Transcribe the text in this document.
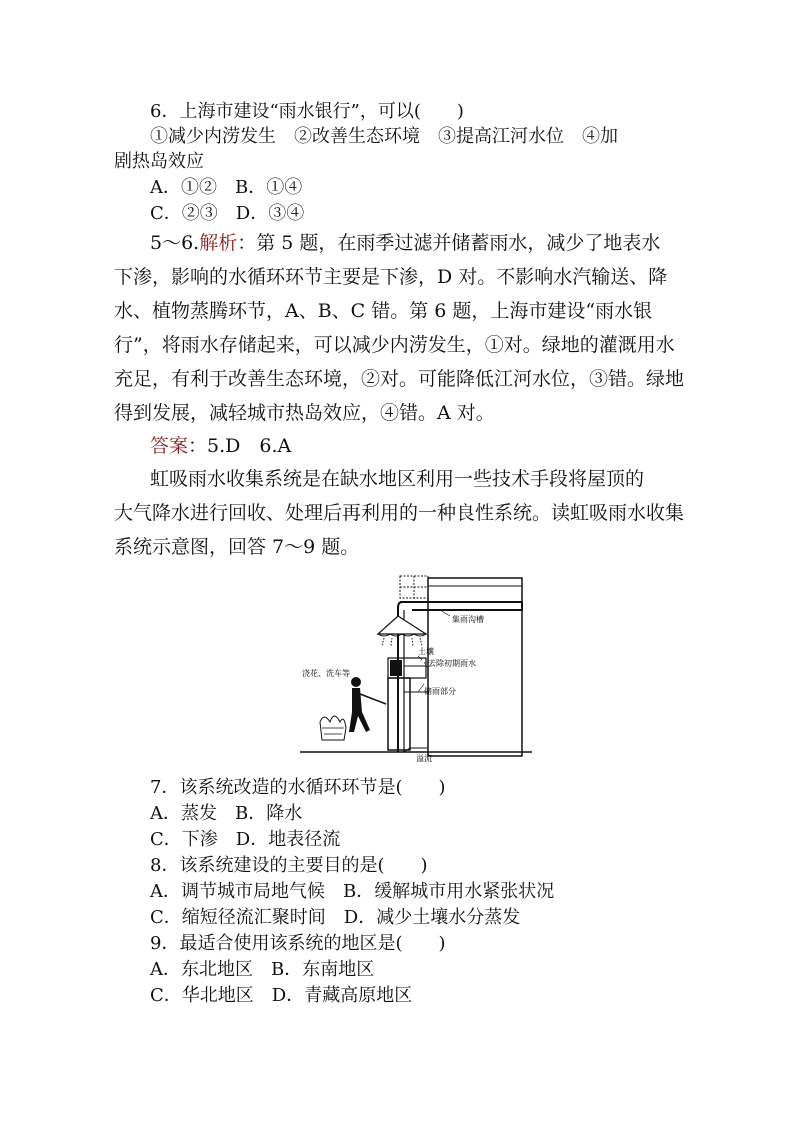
6．上海市建设“雨水银行”，可以(　　)
①减少内涝发生　②改善生态环境　③提高江河水位　④加
剧热岛效应
A．①②　B．①④
C．②③　D．③④
5～6.解析：第 5 题，在雨季过滤并储蓄雨水，减少了地表水
下渗，影响的水循环环节主要是下渗，D 对。不影响水汽输送、降水、植物蒸腾环节，A、B、C 错。第 6 题，上海市建设“雨水银行”，将雨水存储起来，可以减少内涝发生，①对。绿地的灌溉用水充足，有利于改善生态环境，②对。可能降低江河水位，③错。绿地得到发展，减轻城市热岛效应，④错。A 对。
答案：5.D　6.A
虹吸雨水收集系统是在缺水地区利用一些技术手段将屋顶的
大气降水进行回收、处理后再利用的一种良性系统。读虹吸雨水收集系统示意图，回答 7～9 题。
集雨沟槽
土壤
去除初期雨水
浇花、洗车等
储雨部分
溢流
7．该系统改造的水循环环节是(　　)
A．蒸发　B．降水
C．下渗　D．地表径流
8．该系统建设的主要目的是(　　)
A．调节城市局地气候　B．缓解城市用水紧张状况
C．缩短径流汇聚时间　D．减少土壤水分蒸发
9．最适合使用该系统的地区是(　　)
A．东北地区　B．东南地区
C．华北地区　D．青藏高原地区
